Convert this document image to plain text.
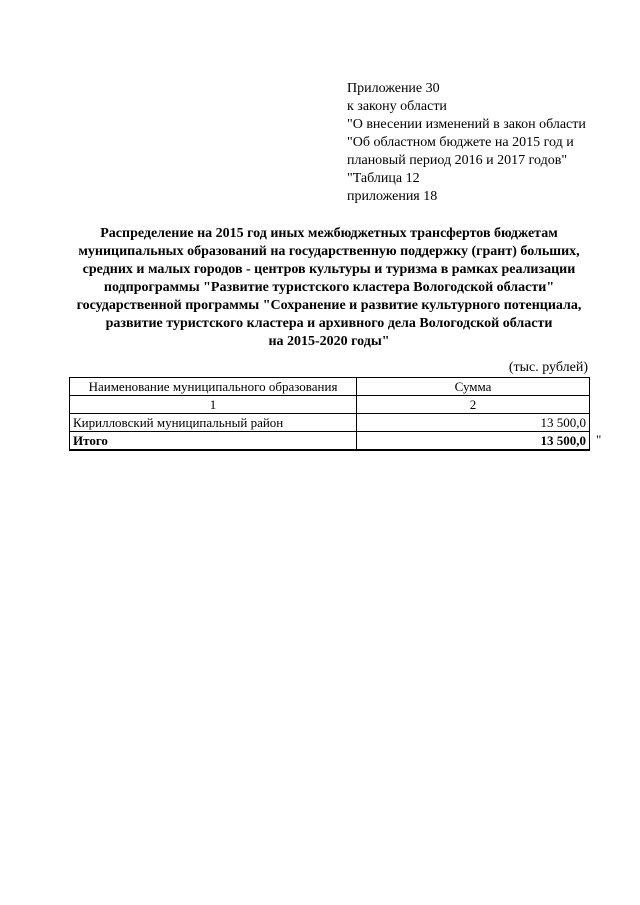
Приложение 30
к закону области
"О внесении изменений в закон области
"Об областном бюджете на 2015 год и
плановый период 2016 и 2017 годов"
"Таблица 12
приложения 18
Распределение на 2015 год иных межбюджетных трансфертов бюджетам
муниципальных образований на государственную поддержку (грант) больших,
средних и малых городов - центров культуры и туризма в рамках реализации
подпрограммы "Развитие туристского кластера Вологодской области"
государственной программы "Сохранение и развитие культурного потенциала,
развитие туристского кластера и архивного дела Вологодской области
на 2015-2020 годы"
(тыс. рублей)
Наименование муниципального образования	Сумма
1	2
Кирилловский муниципальный район	13 500,0
Итого	13 500,0 "
